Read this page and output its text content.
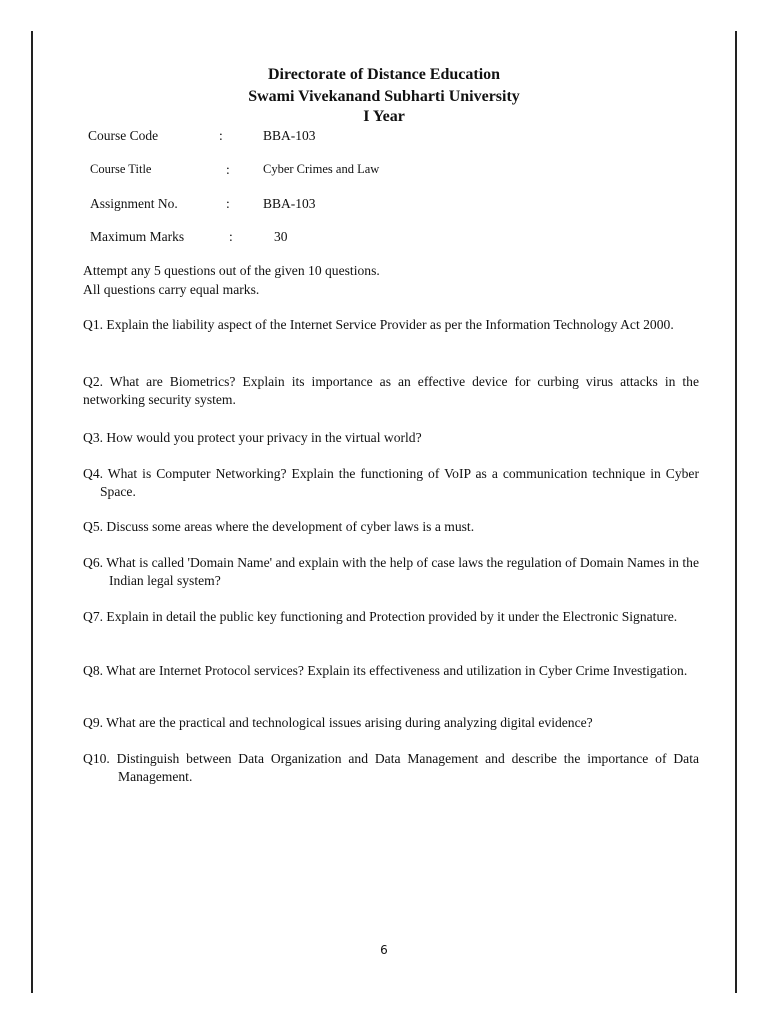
Directorate of Distance Education
Swami Vivekanand Subharti University
I Year
Course Code	:	BBA-103
Course Title	:	Cyber Crimes and Law
Assignment No.	: BBA-103
Maximum Marks	:	30
Attempt any 5 questions out of the given 10 questions.
All questions carry equal marks.
Q1. Explain the liability aspect of the Internet Service Provider as per the Information Technology Act 2000.
Q2. What are Biometrics? Explain its importance as an effective device for curbing virus attacks in the networking security system.
Q3. How would you protect your privacy in the virtual world?
Q4. What is Computer Networking? Explain the functioning of VoIP as a communication technique in Cyber Space.
Q5. Discuss some areas where the development of cyber laws is a must.
Q6. What is called 'Domain Name' and explain with the help of case laws the regulation of Domain Names in the Indian legal system?
Q7. Explain in detail the public key functioning and Protection provided by it under the Electronic Signature.
Q8. What are Internet Protocol services? Explain its effectiveness and utilization in Cyber Crime Investigation.
Q9. What are the practical and technological issues arising during analyzing digital evidence?
Q10. Distinguish between Data Organization and Data Management and describe the importance of Data Management.
6
